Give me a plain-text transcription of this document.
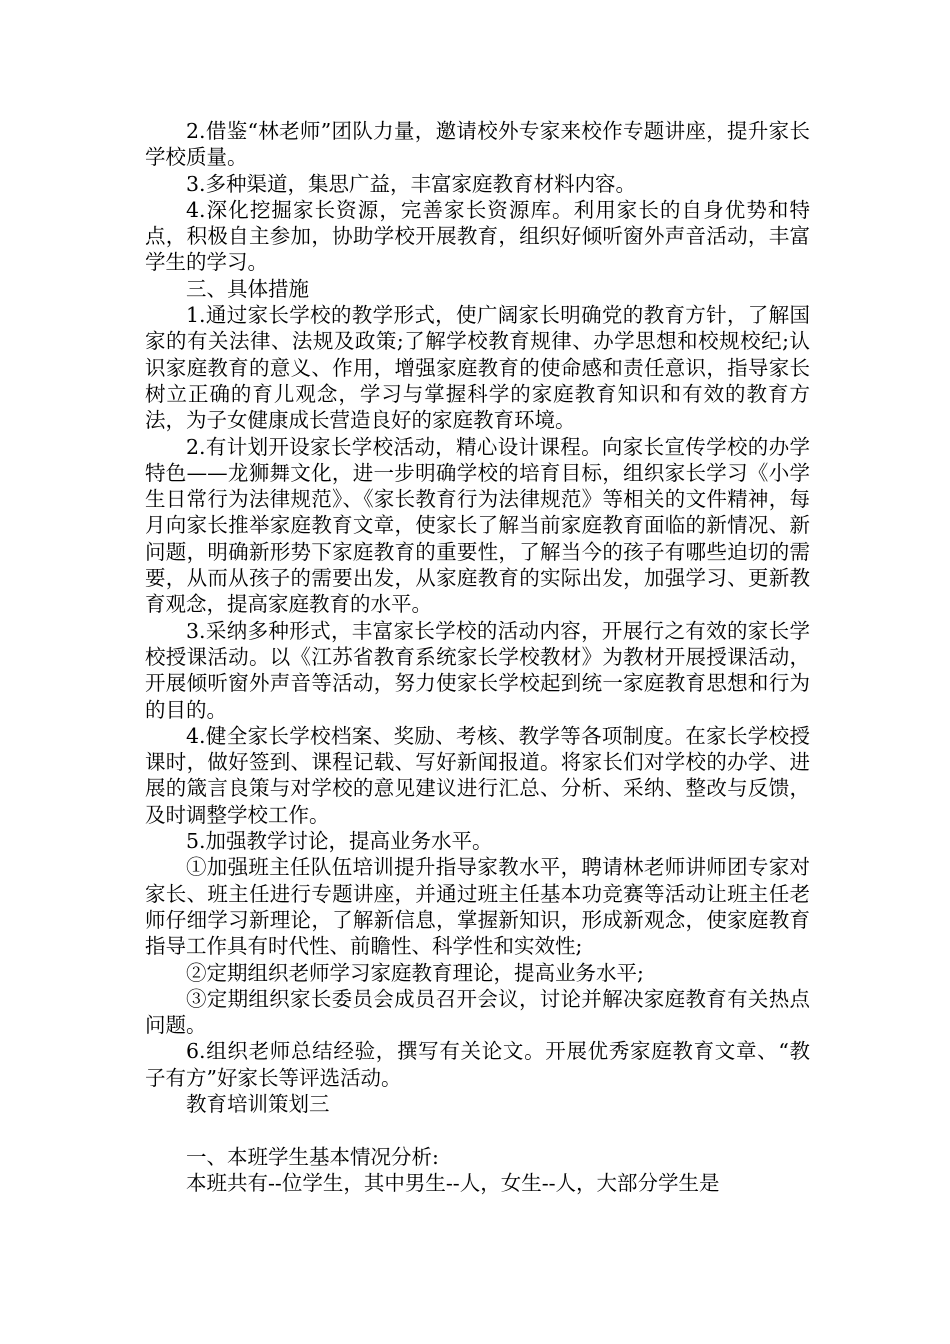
2.借鉴“林老师”团队力量，邀请校外专家来校作专题讲座，提升家长学校质量。

3.多种渠道，集思广益，丰富家庭教育材料内容。

4.深化挖掘家长资源，完善家长资源库。利用家长的自身优势和特点，积极自主参加，协助学校开展教育，组织好倾听窗外声音活动，丰富学生的学习。

三、具体措施

1.通过家长学校的教学形式，使广阔家长明确党的教育方针，了解国家的有关法律、法规及政策;了解学校教育规律、办学思想和校规校纪;认识家庭教育的意义、作用，增强家庭教育的使命感和责任意识，指导家长树立正确的育儿观念，学习与掌握科学的家庭教育知识和有效的教育方法，为子女健康成长营造良好的家庭教育环境。

2.有计划开设家长学校活动，精心设计课程。向家长宣传学校的办学特色——龙狮舞文化，进一步明确学校的培育目标，组织家长学习《小学生日常行为法律规范》、《家长教育行为法律规范》等相关的文件精神，每月向家长推举家庭教育文章，使家长了解当前家庭教育面临的新情况、新问题，明确新形势下家庭教育的重要性，了解当今的孩子有哪些迫切的需要，从而从孩子的需要出发，从家庭教育的实际出发，加强学习、更新教育观念，提高家庭教育的水平。

3.采纳多种形式，丰富家长学校的活动内容，开展行之有效的家长学校授课活动。以《江苏省教育系统家长学校教材》为教材开展授课活动，开展倾听窗外声音等活动，努力使家长学校起到统一家庭教育思想和行为的目的。

4.健全家长学校档案、奖励、考核、教学等各项制度。在家长学校授课时，做好签到、课程记载、写好新闻报道。将家长们对学校的办学、进展的箴言良策与对学校的意见建议进行汇总、分析、采纳、整改与反馈，及时调整学校工作。

5.加强教学讨论，提高业务水平。

①加强班主任队伍培训提升指导家教水平，聘请林老师讲师团专家对家长、班主任进行专题讲座，并通过班主任基本功竞赛等活动让班主任老师仔细学习新理论，了解新信息，掌握新知识，形成新观念，使家庭教育指导工作具有时代性、前瞻性、科学性和实效性;

②定期组织老师学习家庭教育理论，提高业务水平;

③定期组织家长委员会成员召开会议，讨论并解决家庭教育有关热点问题。

6.组织老师总结经验，撰写有关论文。开展优秀家庭教育文章、“教子有方”好家长等评选活动。

教育培训策划三

一、本班学生基本情况分析:

本班共有--位学生，其中男生--人，女生--人，大部分学生是
